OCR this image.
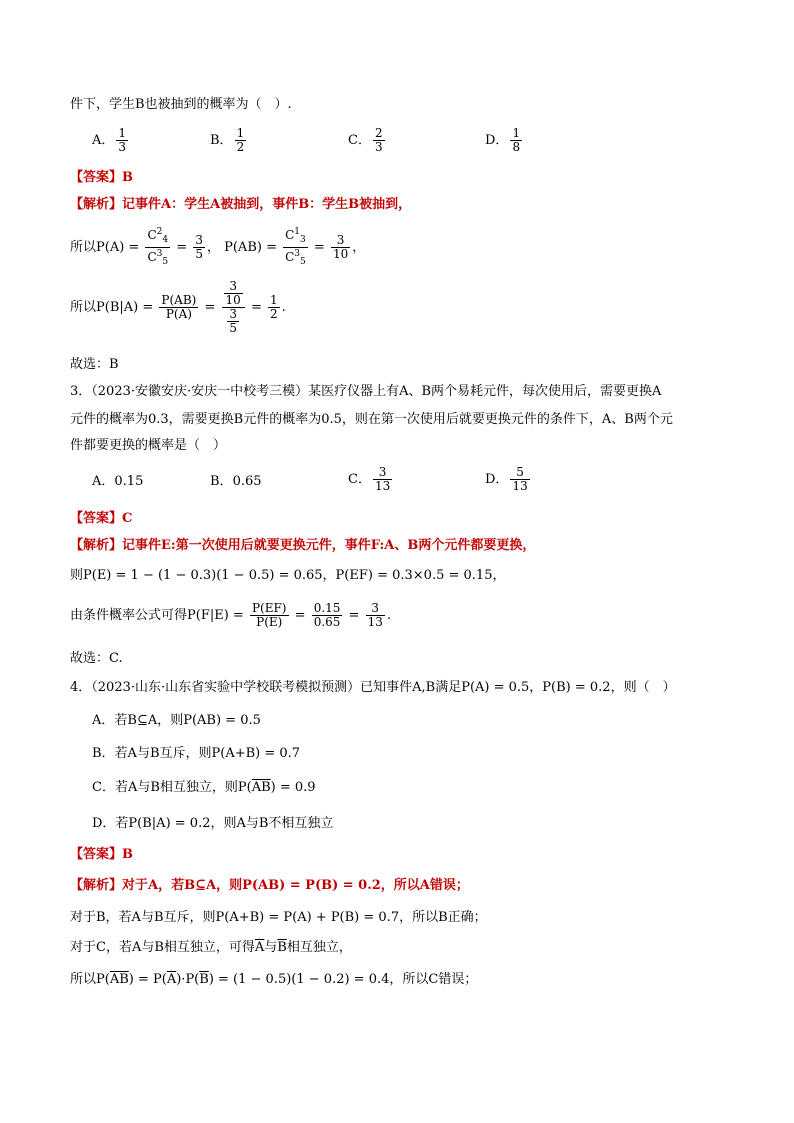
件下，学生B也被抽到的概率为（　）.
A． $\frac{1}{3}$	B． $\frac{1}{2}$	C． $\frac{2}{3}$	D． $\frac{1}{8}$
【答案】B
【解析】记事件A：学生A被抽到，事件B：学生B被抽到，
所以$P(A) = \frac{C^2_4}{C^3_5} = \frac{3}{5}$ ， $P(AB) = \frac{C^1_3}{C^3_5} = \frac{3}{10}$ ，
所以$P(B|A) = \frac{P(AB)}{P(A)} = \frac{\frac{3}{10}}{\frac{3}{5}} = \frac{1}{2}$ .
故选：B
3．（2023·安徽安庆·安庆一中校考三模）某医疗仪器上有A、B两个易耗元件，每次使用后，需要更换A
元件的概率为0.3，需要更换B元件的概率为0.5，则在第一次使用后就要更换元件的条件下，A、B两个元
件都要更换的概率是（　）
A．0.15	B．0.65	C． $\frac{3}{13}$	D． $\frac{5}{13}$
【答案】C
【解析】记事件E:第一次使用后就要更换元件，事件F:A、B两个元件都要更换，
则P(E) = 1 − (1 − 0.3)(1 − 0.5) = 0.65，P(EF) = 0.3×0.5 = 0.15，
由条件概率公式可得$P(F|E) = \frac{P(EF)}{P(E)} = \frac{0.15}{0.65} = \frac{3}{13}$ .
故选：C.
4．（2023·山东·山东省实验中学校联考模拟预测）已知事件A,B满足P(A) = 0.5，P(B) = 0.2，则（　）
A．若B⊆A，则P(AB) = 0.5
B．若A与B互斥，则P(A+B) = 0.7
C．若A与B相互独立，则$P(\overline{AB}) = 0.9$
D．若P(B|A) = 0.2，则A与B不相互独立
【答案】B
【解析】对于A，若B⊆A，则P(AB) = P(B) = 0.2，所以A错误；
对于B，若A与B互斥，则P(A+B) = P(A) + P(B) = 0.7，所以B正确；
对于C，若A与B相互独立，可得$\overline{A}$与$\overline{B}$相互独立，
所以$P(\overline{AB}) = P(\overline{A})\cdot P(\overline{B}) = (1 - 0.5)(1 - 0.2) = 0.4$，所以C错误；
